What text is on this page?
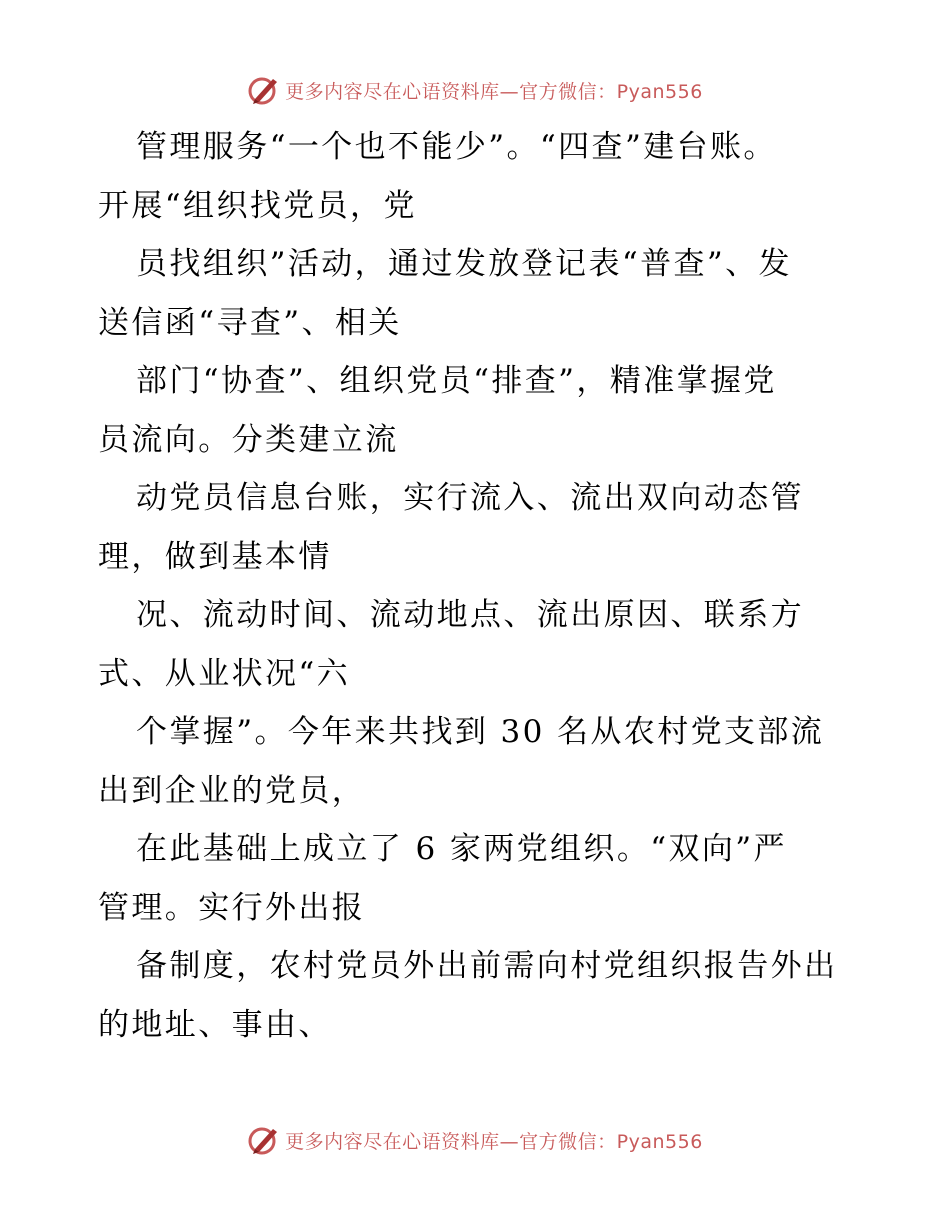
更多内容尽在心语资料库—官方微信：Pyan556
管理服务“一个也不能少”。“四查”建台账。
开展“组织找党员，党
员找组织”活动，通过发放登记表“普查”、发
送信函“寻查”、相关
部门“协查”、组织党员“排查”，精准掌握党
员流向。分类建立流
动党员信息台账，实行流入、流出双向动态管
理，做到基本情
况、流动时间、流动地点、流出原因、联系方
式、从业状况“六
个掌握”。今年来共找到 30 名从农村党支部流
出到企业的党员，
在此基础上成立了 6 家两党组织。“双向”严
管理。实行外出报
备制度，农村党员外出前需向村党组织报告外出
的地址、事由、
更多内容尽在心语资料库—官方微信：Pyan556
